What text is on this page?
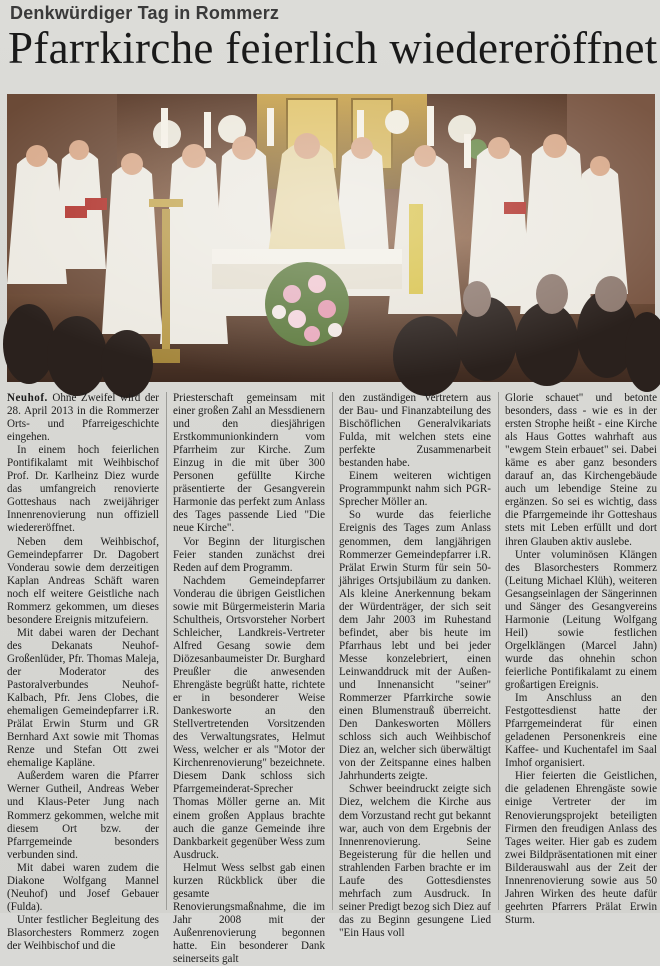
Denkwürdiger Tag in Rommerz
Pfarrkirche feierlich wiedereröffnet

Neuhof. Ohne Zweifel wird der 28. April 2013 in die Rommerzer Orts- und Pfarreigeschichte eingehen.

In einem hoch feierlichen Pontifikalamt mit Weihbischof Prof. Dr. Karlheinz Diez wurde das umfangreich renovierte Gotteshaus nach zweijähriger Innenrenovierung nun offiziell wiedereröffnet.

Neben dem Weihbischof, Gemeindepfarrer Dr. Dagobert Vonderau sowie dem derzeitigen Kaplan Andreas Schäft waren noch elf weitere Geistliche nach Rommerz gekommen, um dieses besondere Ereignis mitzufeiern.

Mit dabei waren der Dechant des Dekanats Neuhof-Großenlüder, Pfr. Thomas Maleja, der Moderator des Pastoralverbundes Neuhof-Kalbach, Pfr. Jens Clobes, die ehemaligen Gemeindepfarrer i.R. Prälat Erwin Sturm und GR Bernhard Axt sowie mit Thomas Renze und Stefan Ott zwei ehemalige Kapläne.

Außerdem waren die Pfarrer Werner Gutheil, Andreas Weber und Klaus-Peter Jung nach Rommerz gekommen, welche mit diesem Ort bzw. der Pfarrgemeinde besonders verbunden sind.

Mit dabei waren zudem die Diakone Wolfgang Mannel (Neuhof) und Josef Gebauer (Fulda).

Unter festlicher Begleitung des Blasorchesters Rommerz zogen der Weihbischof und die

Priesterschaft gemeinsam mit einer großen Zahl an Messdienern und den diesjährigen Erstkommunionkindern vom Pfarrheim zur Kirche. Zum Einzug in die mit über 300 Personen gefüllte Kirche präsentierte der Gesangverein Harmonie das perfekt zum Anlass des Tages passende Lied "Die neue Kirche".

Vor Beginn der liturgischen Feier standen zunächst drei Reden auf dem Programm.

Nachdem Gemeindepfarrer Vonderau die übrigen Geistlichen sowie mit Bürgermeisterin Maria Schultheis, Ortsvorsteher Norbert Schleicher, Landkreis-Vertreter Alfred Gesang sowie dem Diözesanbaumeister Dr. Burghard Preußler die anwesenden Ehrengäste begrüßt hatte, richtete er in besonderer Weise Dankesworte an den Stellvertretenden Vorsitzenden des Verwaltungsrates, Helmut Wess, welcher er als "Motor der Kirchenrenovierung" bezeichnete. Diesem Dank schloss sich Pfarrgemeinderat-Sprecher Thomas Möller gerne an. Mit einem großen Applaus brachte auch die ganze Gemeinde ihre Dankbarkeit gegenüber Wess zum Ausdruck.

Helmut Wess selbst gab einen kurzen Rückblick über die gesamte Renovierungsmaßnahme, die im Jahr 2008 mit der Außenrenovierung begonnen hatte. Ein besonderer Dank seinerseits galt

den zuständigen Vertretern aus der Bau- und Finanzabteilung des Bischöflichen Generalvikariats Fulda, mit welchen stets eine perfekte Zusammenarbeit bestanden habe.

Einem weiteren wichtigen Programmpunkt nahm sich PGR-Sprecher Möller an.

So wurde das feierliche Ereignis des Tages zum Anlass genommen, dem langjährigen Rommerzer Gemeindepfarrer i.R. Prälat Erwin Sturm für sein 50-jähriges Ortsjubiläum zu danken. Als kleine Anerkennung bekam der Würdenträger, der sich seit dem Jahr 2003 im Ruhestand befindet, aber bis heute im Pfarrhaus lebt und bei jeder Messe konzelebriert, einen Leinwanddruck mit der Außen- und Innenansicht "seiner" Rommerzer Pfarrkirche sowie einen Blumenstrauß überreicht. Den Dankesworten Möllers schloss sich auch Weihbischof Diez an, welcher sich überwältigt von der Zeitspanne eines halben Jahrhunderts zeigte.

Schwer beeindruckt zeigte sich Diez, welchem die Kirche aus dem Vorzustand recht gut bekannt war, auch von dem Ergebnis der Innenrenovierung. Seine Begeisterung für die hellen und strahlenden Farben brachte er im Laufe des Gottesdienstes mehrfach zum Ausdruck. In seiner Predigt bezog sich Diez auf das zu Beginn gesungene Lied "Ein Haus voll

Glorie schauet" und betonte besonders, dass - wie es in der ersten Strophe heißt - eine Kirche als Haus Gottes wahrhaft aus "ewgem Stein erbauet" sei. Dabei käme es aber ganz besonders darauf an, das Kirchengebäude auch um lebendige Steine zu ergänzen. So sei es wichtig, dass die Pfarrgemeinde ihr Gotteshaus stets mit Leben erfüllt und dort ihren Glauben aktiv auslebe.

Unter voluminösen Klängen des Blasorchesters Rommerz (Leitung Michael Klüh), weiteren Gesangseinlagen der Sängerinnen und Sänger des Gesangvereins Harmonie (Leitung Wolfgang Heil) sowie festlichen Orgelklängen (Marcel Jahn) wurde das ohnehin schon feierliche Pontifikalamt zu einem großartigen Ereignis.

Im Anschluss an den Festgottesdienst hatte der Pfarrgemeinderat für einen geladenen Personenkreis eine Kaffee- und Kuchentafel im Saal Imhof organisiert.

Hier feierten die Geistlichen, die geladenen Ehrengäste sowie einige Vertreter der im Renovierungsprojekt beteiligten Firmen den freudigen Anlass des Tages weiter. Hier gab es zudem zwei Bildpräsentationen mit einer Bilderauswahl aus der Zeit der Innenrenovierung sowie aus 50 Jahren Wirken des heute dafür geehrten Pfarrers Prälat Erwin Sturm.
